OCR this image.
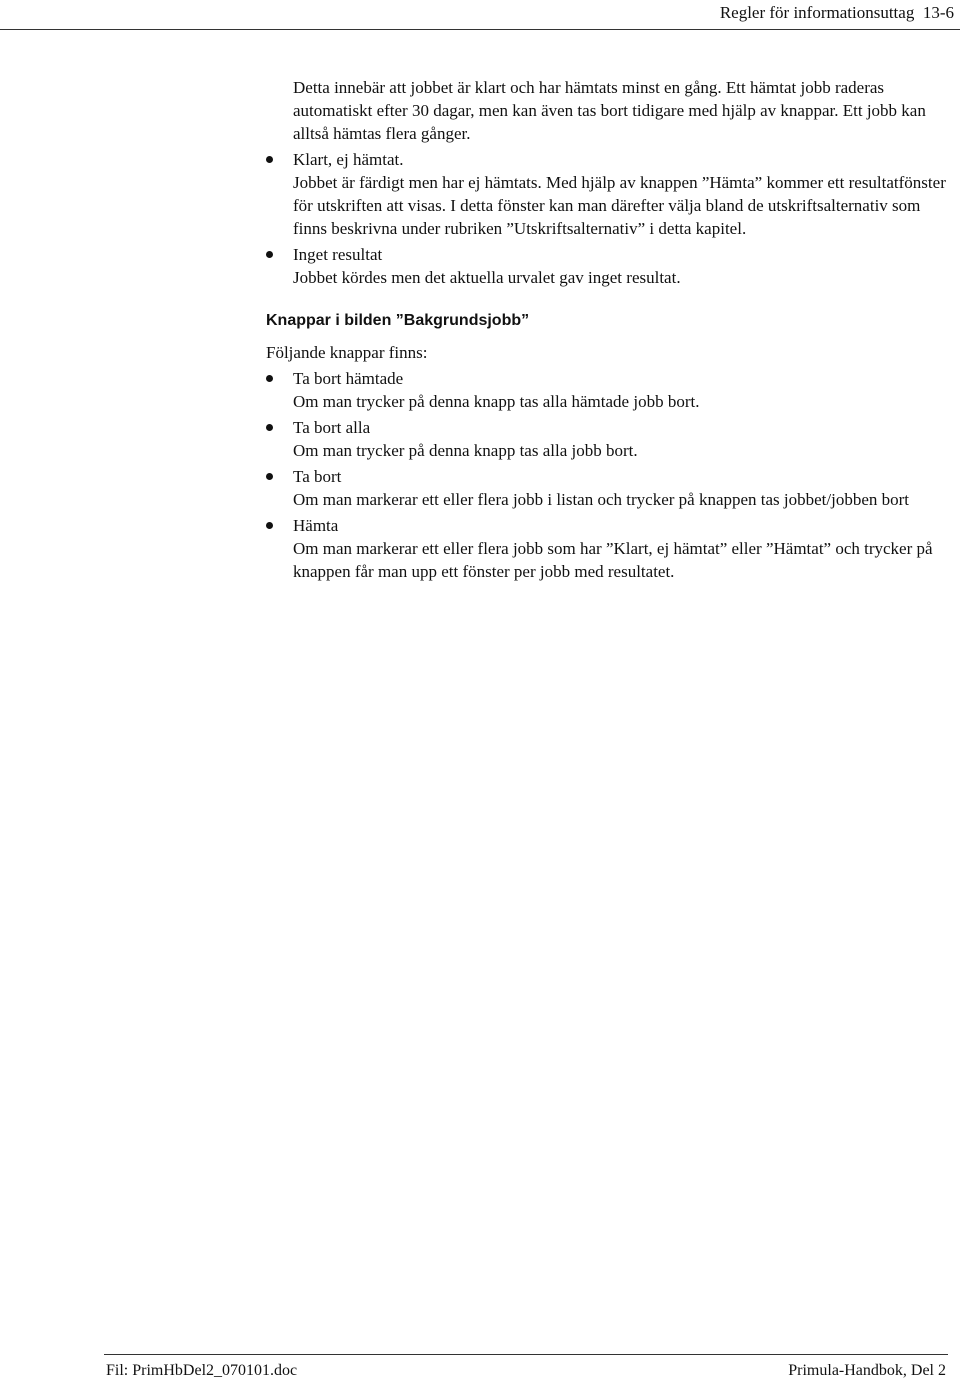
Regler för informationsuttag 13-6

Detta innebär att jobbet är klart och har hämtats minst en gång. Ett hämtat jobb raderas automatiskt efter 30 dagar, men kan även tas bort tidigare med hjälp av knappar. Ett jobb kan alltså hämtas flera gånger.

Klart, ej hämtat.

Jobbet är färdigt men har ej hämtats. Med hjälp av knappen ”Hämta” kommer ett resultatfönster för utskriften att visas. I detta fönster kan man därefter välja bland de utskriftsalternativ som finns beskrivna under rubriken ”Utskriftsalternativ” i detta kapitel.

Inget resultat

Jobbet kördes men det aktuella urvalet gav inget resultat.

Knappar i bilden ”Bakgrundsjobb”

Följande knappar finns:

Ta bort hämtade

Om man trycker på denna knapp tas alla hämtade jobb bort.

Ta bort alla

Om man trycker på denna knapp tas alla jobb bort.

Ta bort

Om man markerar ett eller flera jobb i listan och trycker på knappen tas jobbet/jobben bort

Hämta

Om man markerar ett eller flera jobb som har ”Klart, ej hämtat” eller ”Hämtat” och trycker på knappen får man upp ett fönster per jobb med resultatet.

Fil: PrimHbDel2_070101.doc	Primula-Handbok, Del 2
